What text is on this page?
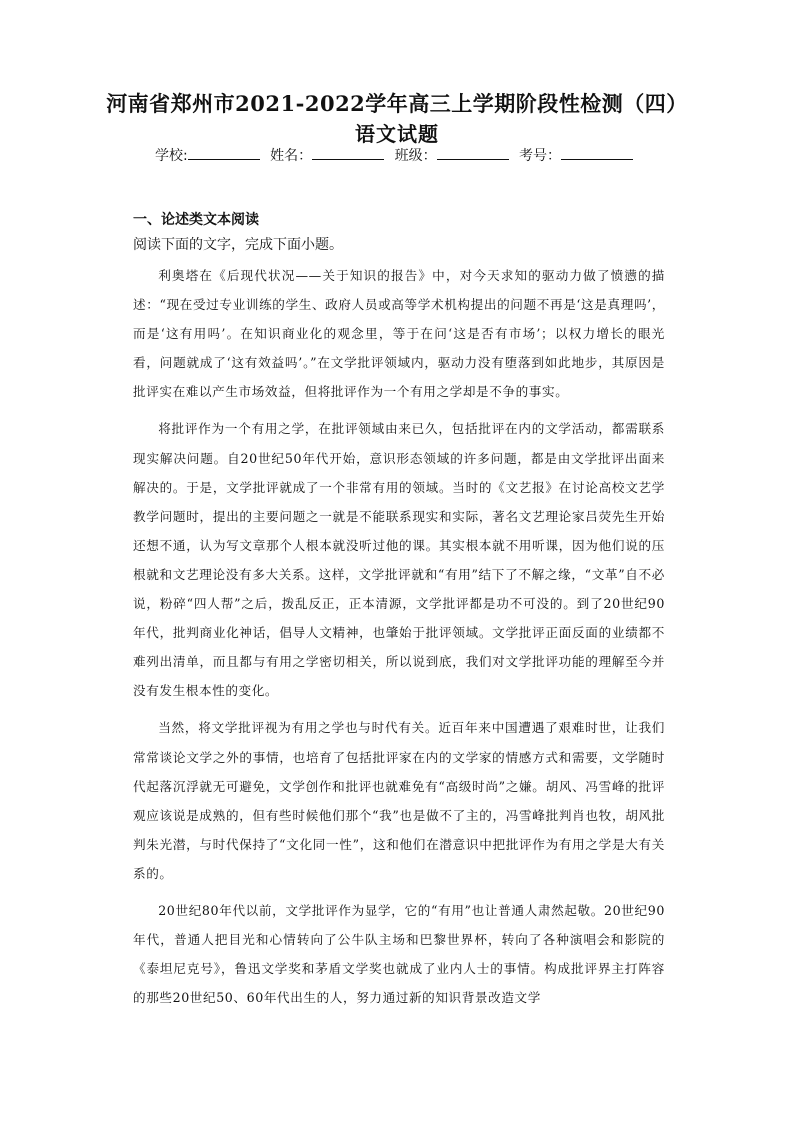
河南省郑州市2021-2022学年高三上学期阶段性检测（四）
语文试题
学校:	姓名：	班级：	考号：
一、论述类文本阅读
阅读下面的文字，完成下面小题。

利奥塔在《后现代状况——关于知识的报告》中，对今天求知的驱动力做了愤懑的描述：“现在受过专业训练的学生、政府人员或高等学术机构提出的问题不再是‘这是真理吗’，而是‘这有用吗’。在知识商业化的观念里，等于在问‘这是否有市场’；以权力增长的眼光看，问题就成了‘这有效益吗’。”在文学批评领域内，驱动力没有堕落到如此地步，其原因是批评实在难以产生市场效益，但将批评作为一个有用之学却是不争的事实。

将批评作为一个有用之学，在批评领域由来已久，包括批评在内的文学活动，都需联系现实解决问题。自20世纪50年代开始，意识形态领域的许多问题，都是由文学批评出面来解决的。于是，文学批评就成了一个非常有用的领域。当时的《文艺报》在讨论高校文艺学教学问题时，提出的主要问题之一就是不能联系现实和实际，著名文艺理论家吕荧先生开始还想不通，认为写文章那个人根本就没听过他的课。其实根本就不用听课，因为他们说的压根就和文艺理论没有多大关系。这样，文学批评就和“有用”结下了不解之缘，“文革”自不必说，粉碎“四人帮”之后，拨乱反正，正本清源，文学批评都是功不可没的。到了20世纪90年代，批判商业化神话，倡导人文精神，也肇始于批评领域。文学批评正面反面的业绩都不难列出清单，而且都与有用之学密切相关，所以说到底，我们对文学批评功能的理解至今并没有发生根本性的变化。

当然，将文学批评视为有用之学也与时代有关。近百年来中国遭遇了艰难时世，让我们常常谈论文学之外的事情，也培育了包括批评家在内的文学家的情感方式和需要，文学随时代起落沉浮就无可避免，文学创作和批评也就难免有“高级时尚”之嫌。胡风、冯雪峰的批评观应该说是成熟的，但有些时候他们那个“我”也是做不了主的，冯雪峰批判肖也牧，胡风批判朱光潜，与时代保持了“文化同一性”，这和他们在潜意识中把批评作为有用之学是大有关系的。

20世纪80年代以前，文学批评作为显学，它的“有用”也让普通人肃然起敬。20世纪90年代，普通人把目光和心情转向了公牛队主场和巴黎世界杯，转向了各种演唱会和影院的《泰坦尼克号》，鲁迅文学奖和茅盾文学奖也就成了业内人士的事情。构成批评界主打阵容的那些20世纪50、60年代出生的人，努力通过新的知识背景改造文学
